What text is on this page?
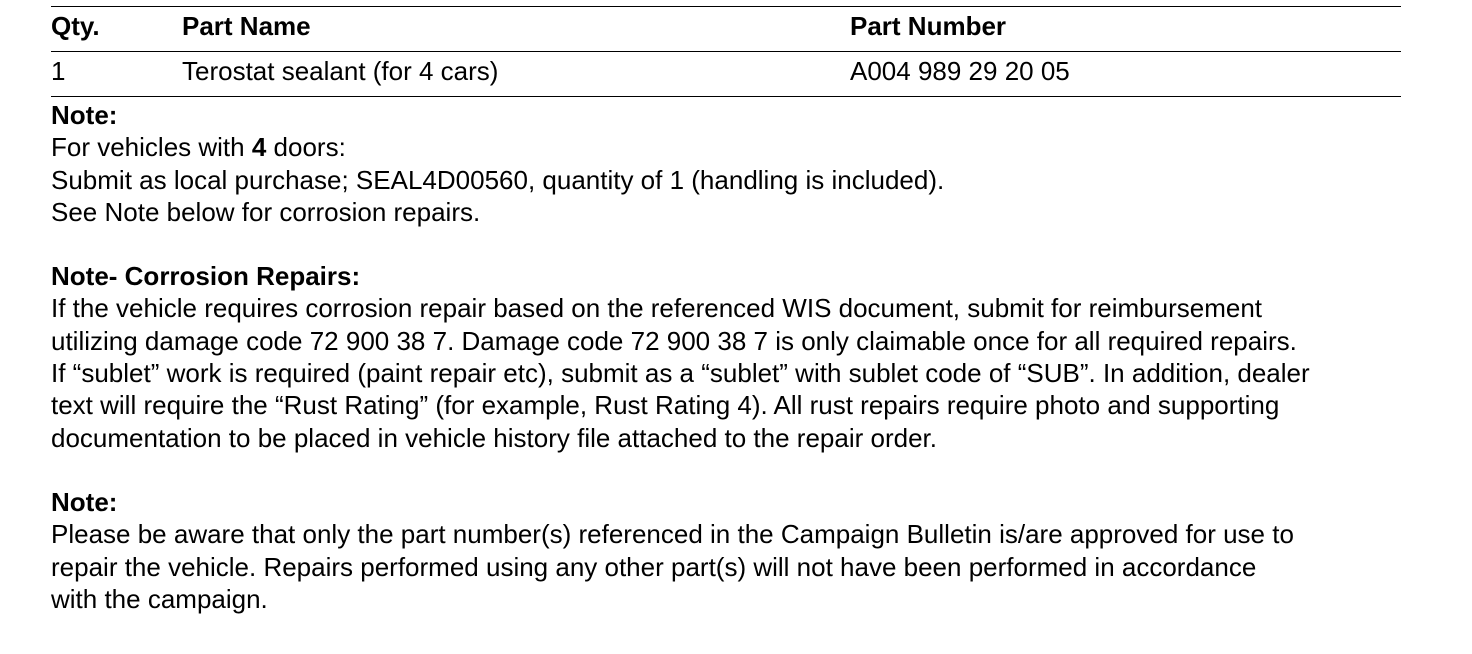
Qty.	Part Name	Part Number
1	Terostat sealant (for 4 cars)	A004 989 29 20 05

Note:

For vehicles with 4 doors:

Submit as local purchase; SEAL4D00560, quantity of 1 (handling is included).

See Note below for corrosion repairs.

Note- Corrosion Repairs:

If the vehicle requires corrosion repair based on the referenced WIS document, submit for reimbursement

utilizing damage code 72 900 38 7. Damage code 72 900 38 7 is only claimable once for all required repairs.

If “sublet” work is required (paint repair etc), submit as a “sublet” with sublet code of “SUB”. In addition, dealer

text will require the “Rust Rating” (for example, Rust Rating 4). All rust repairs require photo and supporting

documentation to be placed in vehicle history file attached to the repair order.

Note:

Please be aware that only the part number(s) referenced in the Campaign Bulletin is/are approved for use to

repair the vehicle. Repairs performed using any other part(s) will not have been performed in accordance

with the campaign.
